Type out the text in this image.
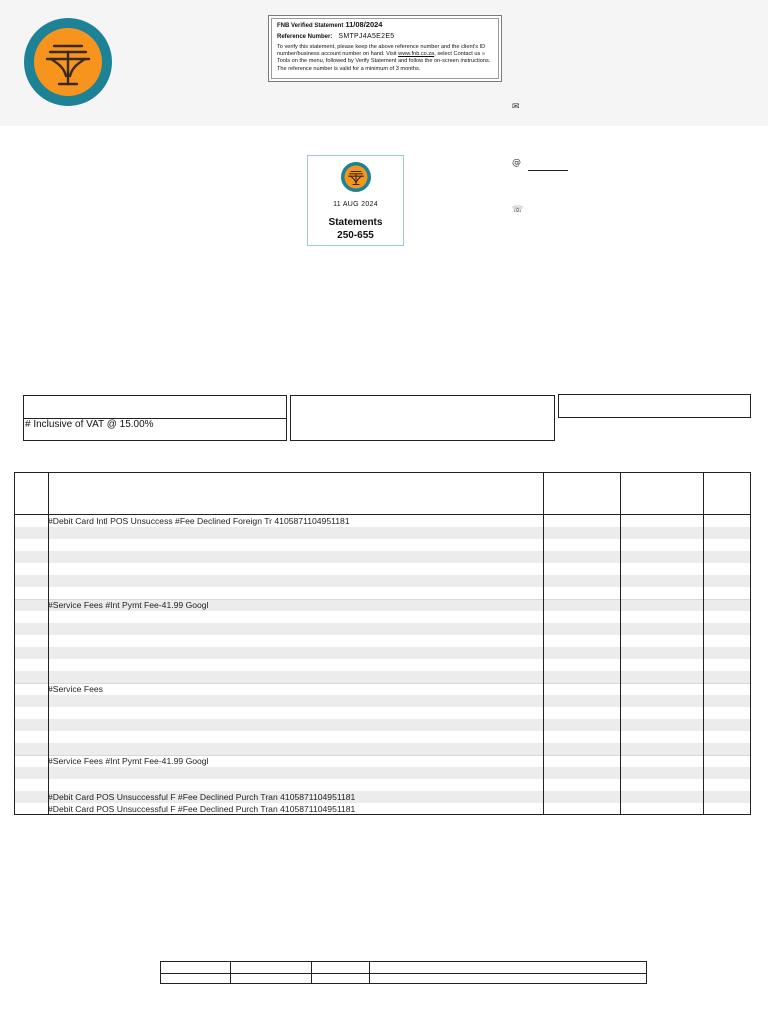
FNB Verified Statement 11/08/2024
Reference Number: SMTPJ4A5E2E5
To verify this statement, please keep the above reference number and the client's ID number/business account number on hand. Visit www.fnb.co.za, select Contact us » Tools on the menu, followed by Verify Statement and follow the on-screen instructions. The reference number is valid for a minimum of 3 months.
✉
@
☏
11 AUG 2024
Statements
250-655
# Inclusive of VAT @ 15.00%
#Debit Card Intl POS Unsuccess #Fee Declined Foreign Tr 4105871104951181
#Service Fees #Int Pymt Fee-41.99 Googl
#Service Fees
#Service Fees #Int Pymt Fee-41.99 Googl
#Debit Card POS Unsuccessful F #Fee Declined Purch Tran 4105871104951181
#Debit Card POS Unsuccessful F #Fee Declined Purch Tran 4105871104951181
